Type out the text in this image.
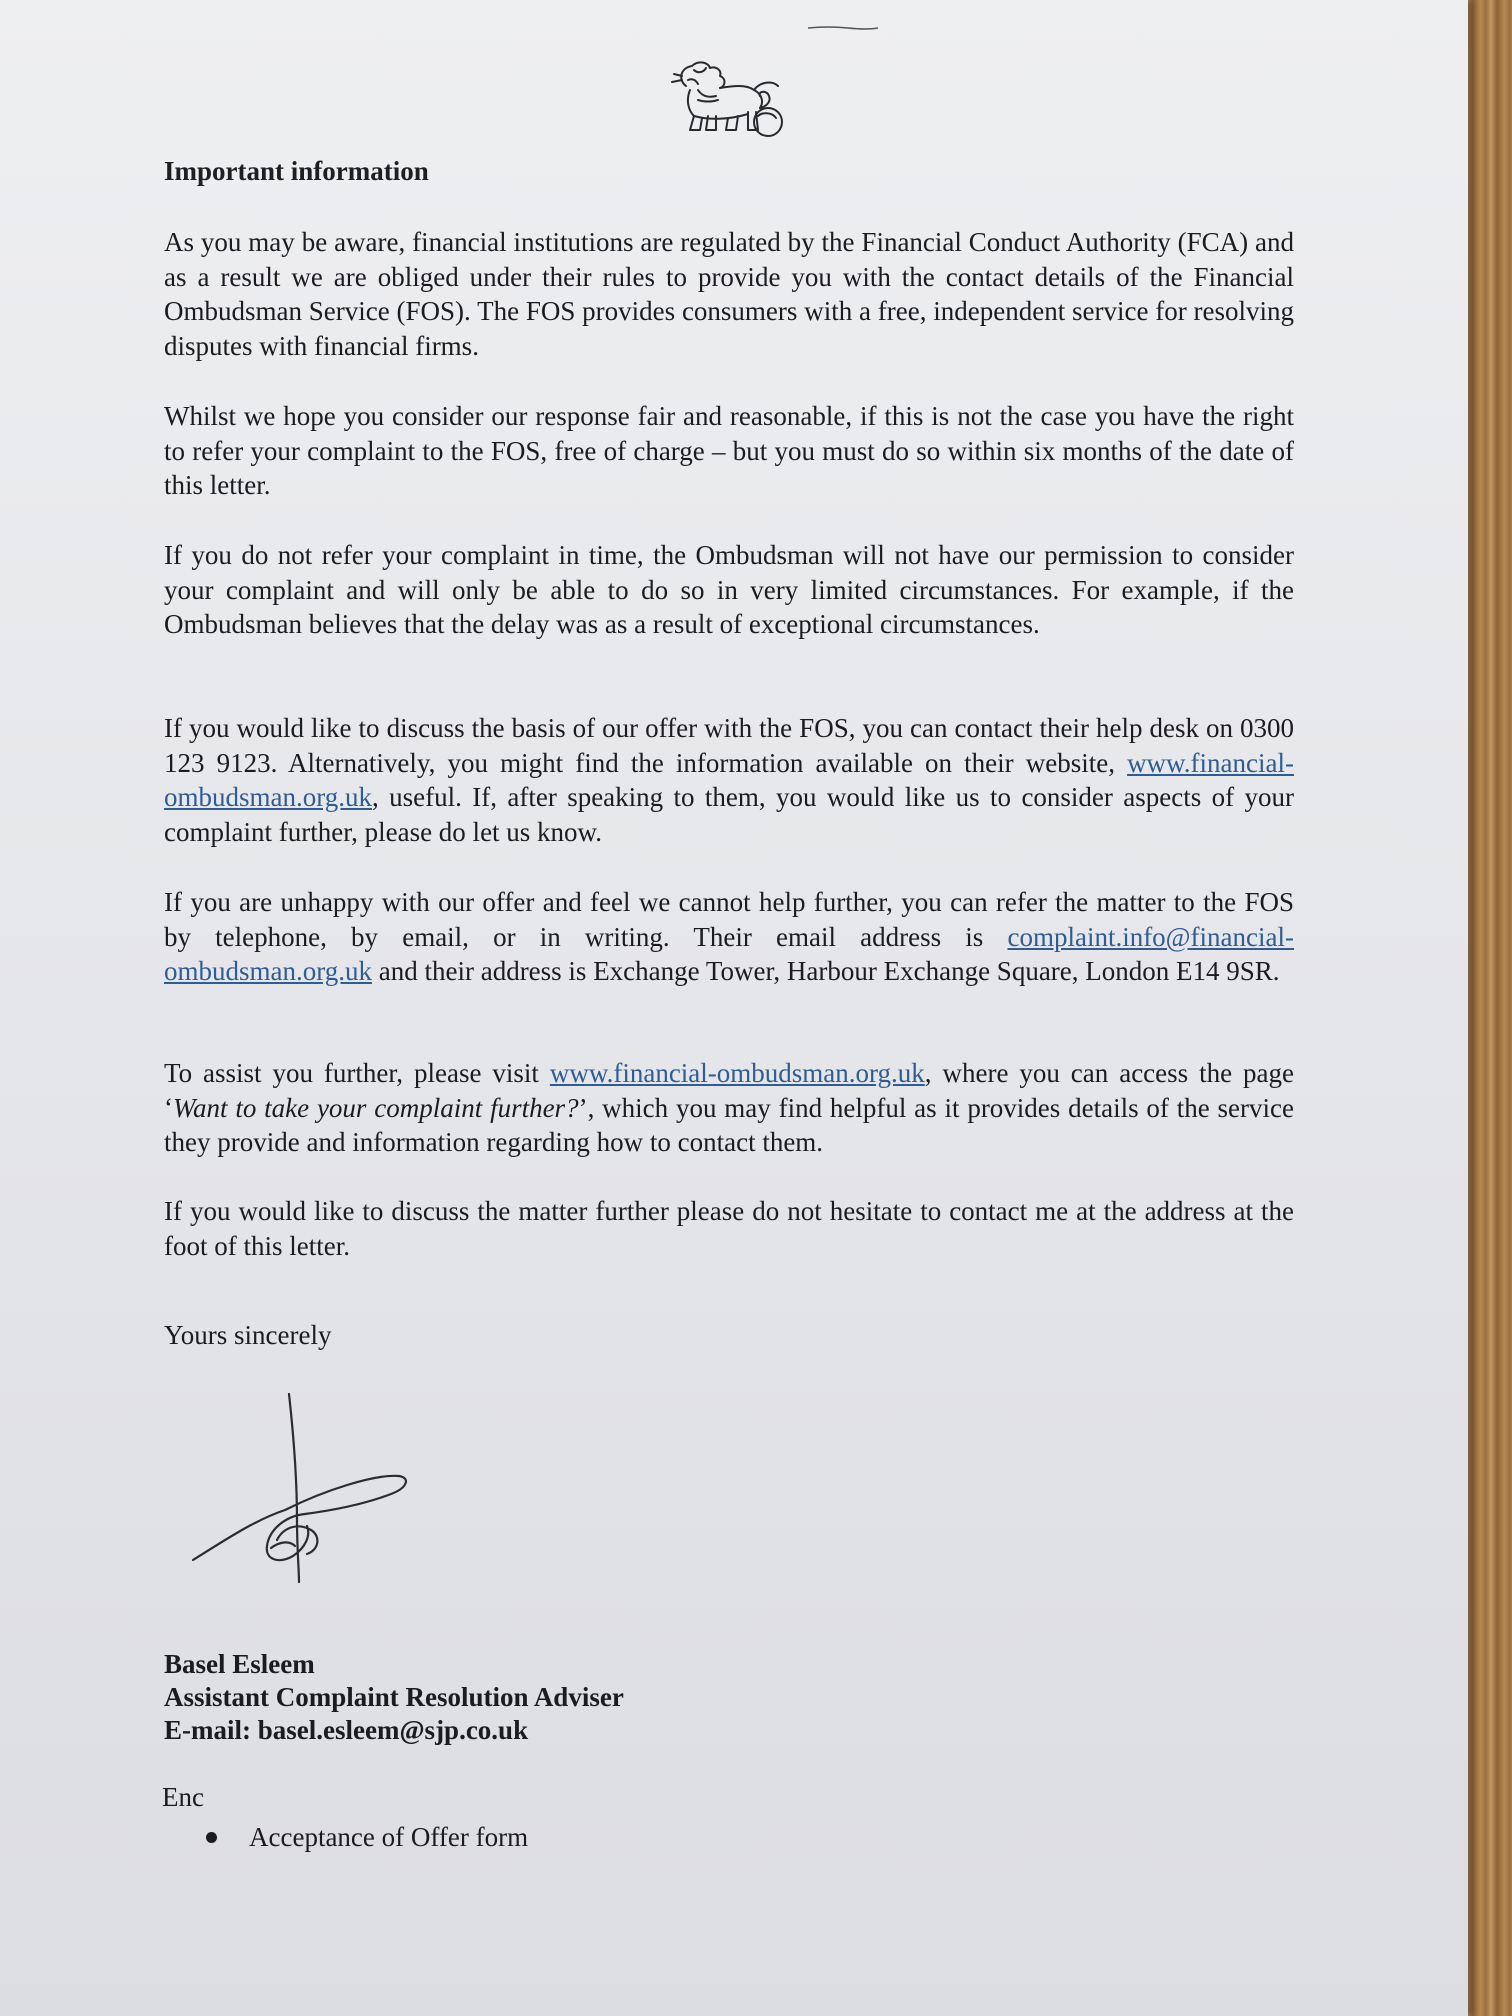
Important information

As you may be aware, financial institutions are regulated by the Financial Conduct Authority (FCA) and as a result we are obliged under their rules to provide you with the contact details of the Financial Ombudsman Service (FOS). The FOS provides consumers with a free, independent service for resolving disputes with financial firms.

Whilst we hope you consider our response fair and reasonable, if this is not the case you have the right to refer your complaint to the FOS, free of charge – but you must do so within six months of the date of this letter.

If you do not refer your complaint in time, the Ombudsman will not have our permission to consider your complaint and will only be able to do so in very limited circumstances. For example, if the Ombudsman believes that the delay was as a result of exceptional circumstances.

If you would like to discuss the basis of our offer with the FOS, you can contact their help desk on 0300 123 9123. Alternatively, you might find the information available on their website, www.financial-ombudsman.org.uk, useful. If, after speaking to them, you would like us to consider aspects of your complaint further, please do let us know.

If you are unhappy with our offer and feel we cannot help further, you can refer the matter to the FOS by telephone, by email, or in writing. Their email address is complaint.info@financial-ombudsman.org.uk and their address is Exchange Tower, Harbour Exchange Square, London E14 9SR.

To assist you further, please visit www.financial-ombudsman.org.uk, where you can access the page ‘Want to take your complaint further?’, which you may find helpful as it provides details of the service they provide and information regarding how to contact them.

If you would like to discuss the matter further please do not hesitate to contact me at the address at the foot of this letter.

Yours sincerely
Basel Esleem
Assistant Complaint Resolution Adviser
E-mail: basel.esleem@sjp.co.uk
Enc
Acceptance of Offer form
